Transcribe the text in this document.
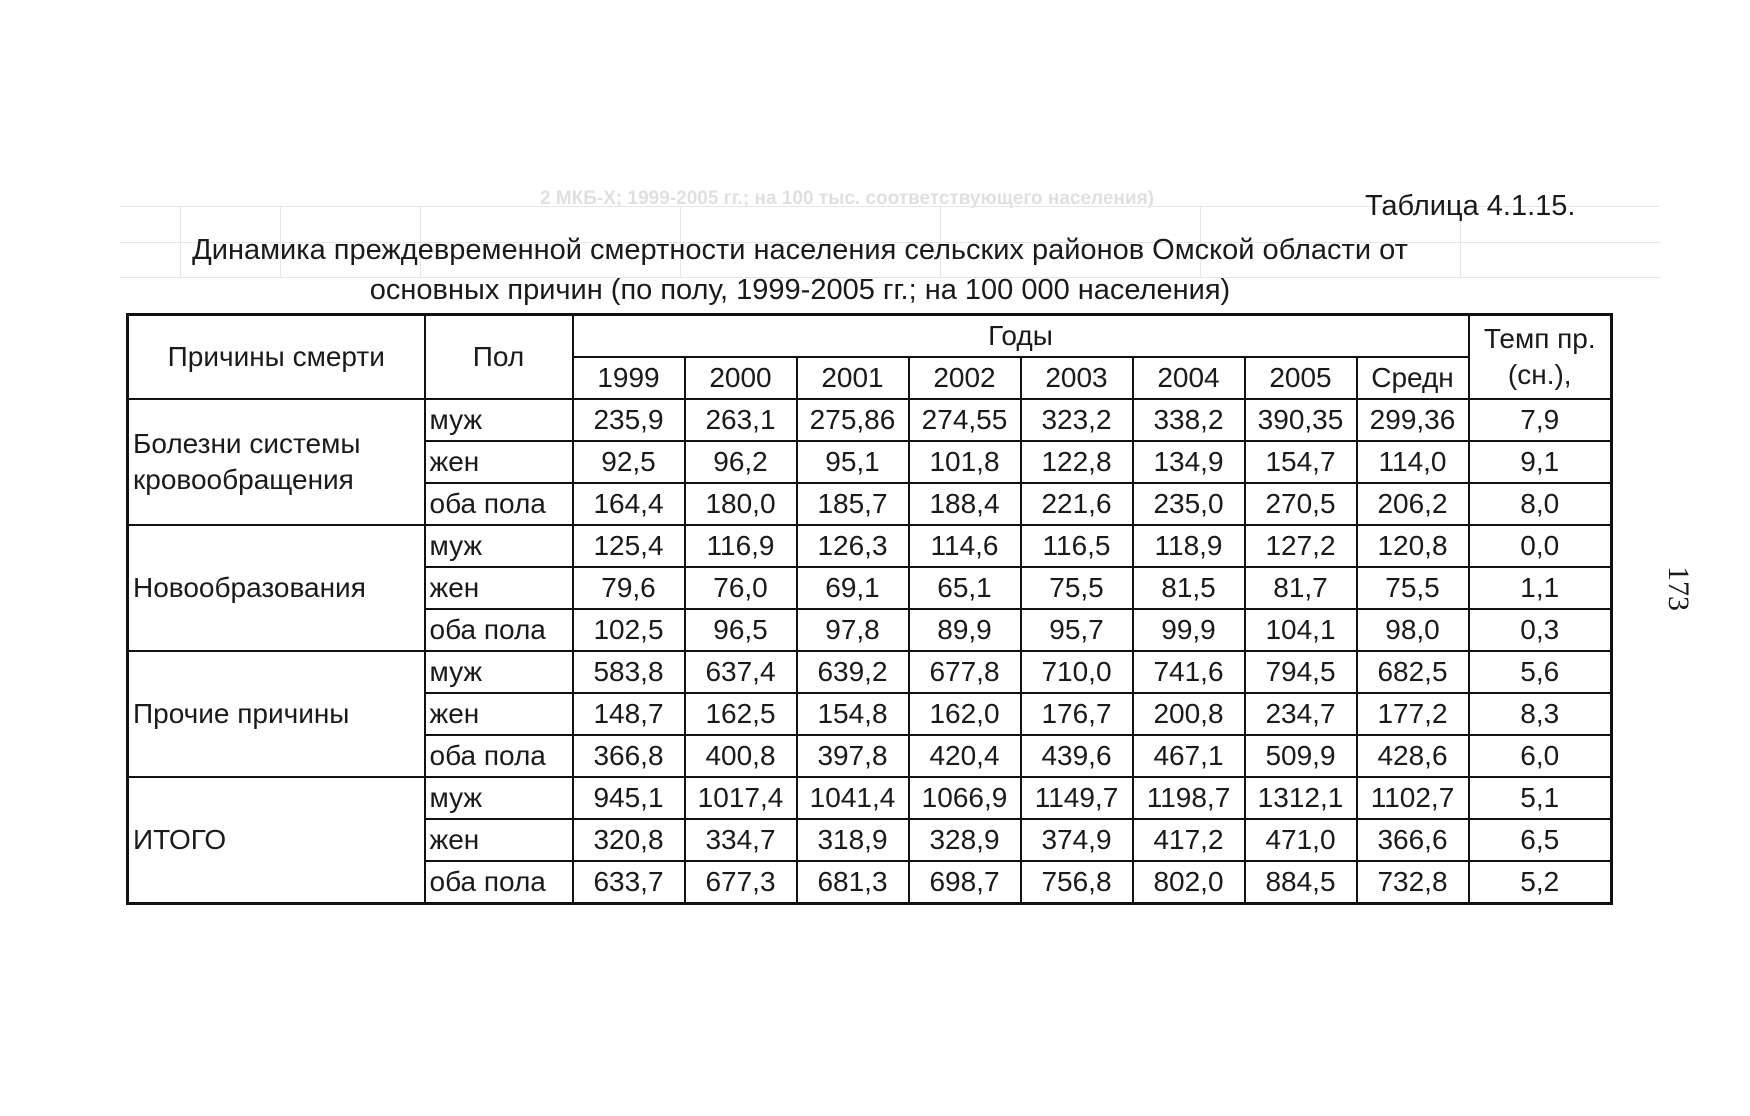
2 МКБ-Х; 1999-2005 гг.; на 100 тыс. соответствующего населения)	Таблица 4.1.15.
Динамика преждевременной смертности населения сельских районов Омской области от
основных причин (по полу, 1999-2005 гг.; на 100 000 населения)
173
Причины смерти	Пол	Годы								Темп пр.(сн.),
		1999	2000	2001	2002	2003	2004	2005	Средн	
Болезни системы кровообращения	муж	235,9	263,1	275,86	274,55	323,2	338,2	390,35	299,36	7,9
	жен	92,5	96,2	95,1	101,8	122,8	134,9	154,7	114,0	9,1
	оба пола	164,4	180,0	185,7	188,4	221,6	235,0	270,5	206,2	8,0
Новообразования	муж	125,4	116,9	126,3	114,6	116,5	118,9	127,2	120,8	0,0
	жен	79,6	76,0	69,1	65,1	75,5	81,5	81,7	75,5	1,1
	оба пола	102,5	96,5	97,8	89,9	95,7	99,9	104,1	98,0	0,3
Прочие причины	муж	583,8	637,4	639,2	677,8	710,0	741,6	794,5	682,5	5,6
	жен	148,7	162,5	154,8	162,0	176,7	200,8	234,7	177,2	8,3
	оба пола	366,8	400,8	397,8	420,4	439,6	467,1	509,9	428,6	6,0
ИТОГО	муж	945,1	1017,4	1041,4	1066,9	1149,7	1198,7	1312,1	1102,7	5,1
	жен	320,8	334,7	318,9	328,9	374,9	417,2	471,0	366,6	6,5
	оба пола	633,7	677,3	681,3	698,7	756,8	802,0	884,5	732,8	5,2
